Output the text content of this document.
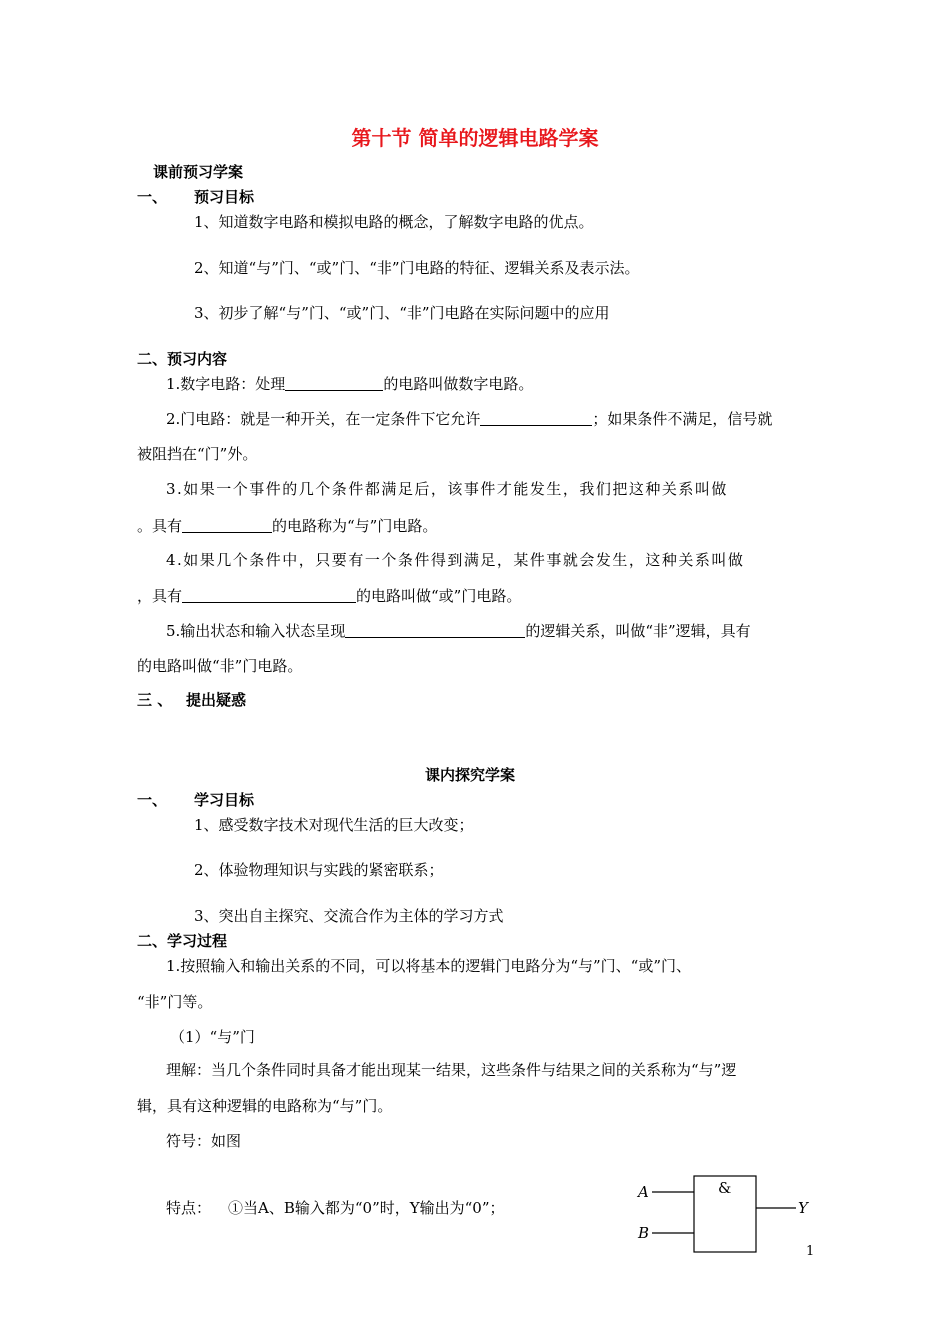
第十节 简单的逻辑电路学案
课前预习学案
一、 预习目标
1、知道数字电路和模拟电路的概念，了解数字电路的优点。
2、知道“与”门、“或”门、“非”门电路的特征、逻辑关系及表示法。
3、初步了解“与”门、“或”门、“非”门电路在实际问题中的应用
二、预习内容
1.数字电路：处理	的电路叫做数字电路。
2.门电路：就是一种开关，在一定条件下它允许	；如果条件不满足，信号就
被阻挡在“门”外。
3.如果一个事件的几个条件都满足后，该事件才能发生，我们把这种关系叫做
。具有	的电路称为“与”门电路。
4.如果几个条件中，只要有一个条件得到满足，某件事就会发生，这种关系叫做
，具有	的电路叫做“或”门电路。
5.输出状态和输入状态呈现	的逻辑关系，叫做“非”逻辑，具有
的电路叫做“非”门电路。
三 、 提出疑惑
课内探究学案
一、 学习目标
1、感受数字技术对现代生活的巨大改变；
2、体验物理知识与实践的紧密联系；
3、突出自主探究、交流合作为主体的学习方式
二、学习过程
1.按照输入和输出关系的不同，可以将基本的逻辑门电路分为“与”门、“或”门、
“非”门等。
（1）“与”门
理解：当几个条件同时具备才能出现某一结果，这些条件与结果之间的关系称为“与”逻
辑，具有这种逻辑的电路称为“与”门。
符号：如图
特点： ①当A、B输入都为“0”时，Y输出为“0”；
&
A
B
Y
1
